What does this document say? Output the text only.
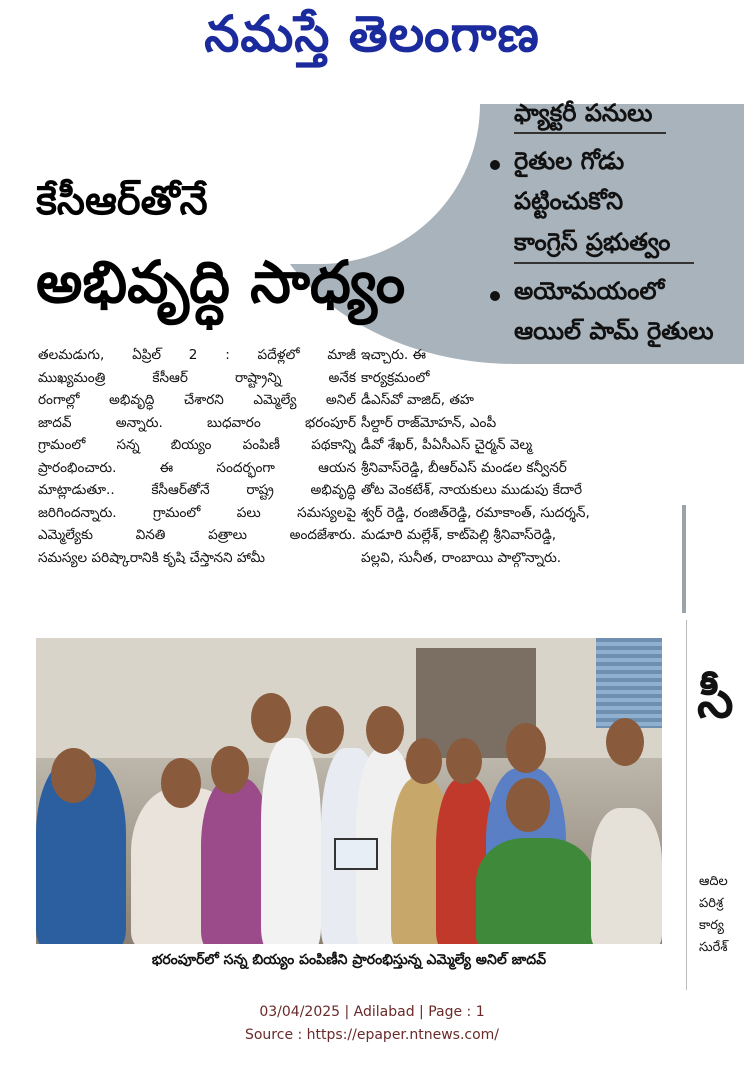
నమస్తే తెలంగాణ
ఫ్యాక్టరీ పనులు
రైతుల గోడు
పట్టించుకోని
కాంగ్రెస్ ప్రభుత్వం
అయోమయంలో
ఆయిల్ పామ్ రైతులు
కేసీఆర్‌తోనే
అభివృద్ధి సాధ్యం

తలమడుగు, ఏప్రిల్ 2 : పదేళ్లలో మాజీ

ముఖ్యమంత్రి కేసీఆర్ రాష్ట్రాన్ని అనేక

రంగాల్లో అభివృద్ధి చేశారని ఎమ్మెల్యే అనిల్

జాదవ్ అన్నారు. బుధవారం భరంపూర్

గ్రామంలో సన్న బియ్యం పంపిణీ పథకాన్ని

ప్రారంభించారు. ఈ సందర్భంగా ఆయన

మాట్లాడుతూ.. కేసీఆర్‌తోనే రాష్ట్ర అభివృద్ధి

జరిగిందన్నారు. గ్రామంలో పలు సమస్యలపై

ఎమ్మెల్యేకు వినతి పత్రాలు అందజేశారు.

సమస్యల పరిష్కారానికి కృషి చేస్తానని హామీ

ఇచ్చారు. ఈ

కార్యక్రమంలో

డీఎస్‌వో వాజిద్, తహ

సీల్దార్ రాజ్‌మోహన్, ఎంపీ

డీవో శేఖర్, పీఏసీఎస్ చైర్మన్ వెల్మ

శ్రీనివాస్‌రెడ్డి, బీఆర్‌ఎస్ మండల కన్వీనర్

తోట వెంకటేశ్, నాయకులు ముడుపు కేదారే

శ్వర్ రెడ్డి, రంజిత్‌రెడ్డి, రమాకాంత్, సుదర్శన్,

మడూరి మల్లేశ్, కాట్‌పెల్లి శ్రీనివాస్‌రెడ్డి,

పల్లవి, సునీత, రాంబాయి పాల్గొన్నారు.

భరంపూర్‌లో సన్న బియ్యం పంపిణీని ప్రారంభిస్తున్న ఎమ్మెల్యే అనిల్ జాదవ్
సీ
ఆదిల
పరిశ్ర
కార్య
సురేశ్
03/04/2025 | Adilabad | Page : 1
Source : https://epaper.ntnews.com/
